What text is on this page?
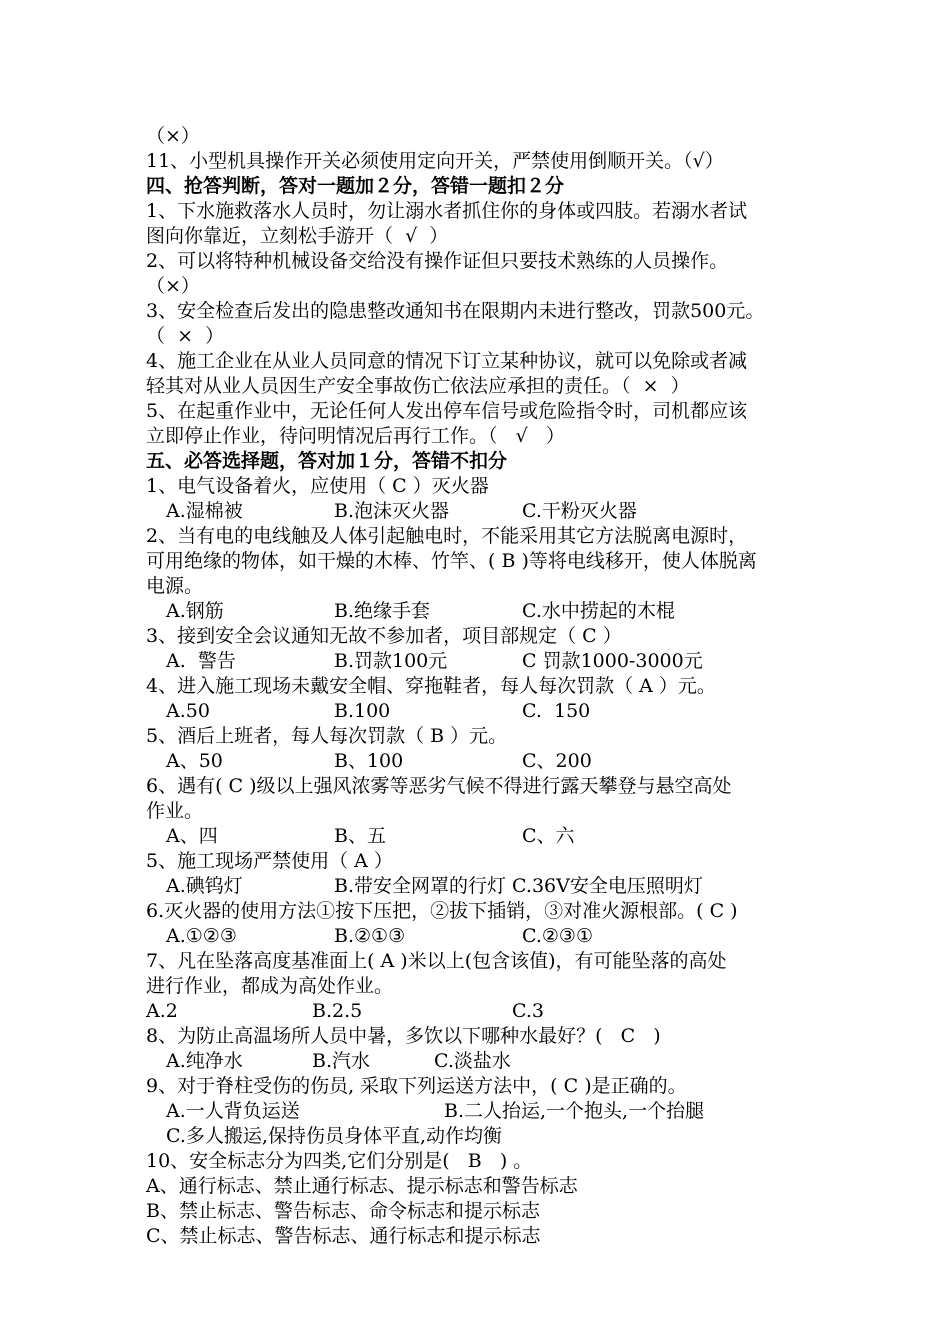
（×）
11、小型机具操作开关必须使用定向开关，严禁使用倒顺开关。（√）
四、抢答判断，答对一题加２分，答错一题扣２分
1、下水施救落水人员时，勿让溺水者抓住你的身体或四肢。若溺水者试
图向你靠近，立刻松手游开（  √  ）
2、可以将特种机械设备交给没有操作证但只要技术熟练的人员操作。
（×）
3、安全检查后发出的隐患整改通知书在限期内未进行整改，罚款500元。
（  ×  ）
4、施工企业在从业人员同意的情况下订立某种协议，就可以免除或者减
轻其对从业人员因生产安全事故伤亡依法应承担的责任。（  ×  ）
5、在起重作业中，无论任何人发出停车信号或危险指令时，司机都应该
立即停止作业，待问明情况后再行工作。（   √   ）
五、必答选择题，答对加１分，答错不扣分
1、电气设备着火，应使用（ C ）灭火器
A.湿棉被	B.泡沫灭火器	C.干粉灭火器
2、当有电的电线触及人体引起触电时，不能采用其它方法脱离电源时，
可用绝缘的物体，如干燥的木棒、竹竿、( B )等将电线移开，使人体脱离
电源。
A.钢筋	B.绝缘手套	C.水中捞起的木棍
3、接到安全会议通知无故不参加者，项目部规定（ C ）
A.  警告	B.罚款100元	C 罚款1000-3000元
4、进入施工现场未戴安全帽、穿拖鞋者，每人每次罚款（ A ）元。
A.50	B.100	C.  150
5、酒后上班者，每人每次罚款（ B ）元。
A、50	B、100	C、200
6、遇有( C )级以上强风浓雾等恶劣气候不得进行露天攀登与悬空高处
作业。
A、四	B、五	C、六
5、施工现场严禁使用（ A ）
A.碘钨灯	B.带安全网罩的行灯 C.36V安全电压照明灯
6.灭火器的使用方法①按下压把，②拔下插销，③对准火源根部。( C )
A.①②③	B.②①③	C.②③①
7、凡在坠落高度基准面上( A )米以上(包含该值)，有可能坠落的高处
进行作业，都成为高处作业。
A.2	B.2.5	C.3
8、为防止高温场所人员中暑，多饮以下哪种水最好？(   C   )
A.纯净水	B.汽水	C.淡盐水
9、对于脊柱受伤的伤员, 采取下列运送方法中，( C )是正确的。
A.一人背负运送	B.二人抬运,一个抱头,一个抬腿
C.多人搬运,保持伤员身体平直,动作均衡
10、安全标志分为四类,它们分别是(   B   ) 。
A、通行标志、禁止通行标志、提示标志和警告标志
B、禁止标志、警告标志、命令标志和提示标志
C、禁止标志、警告标志、通行标志和提示标志
